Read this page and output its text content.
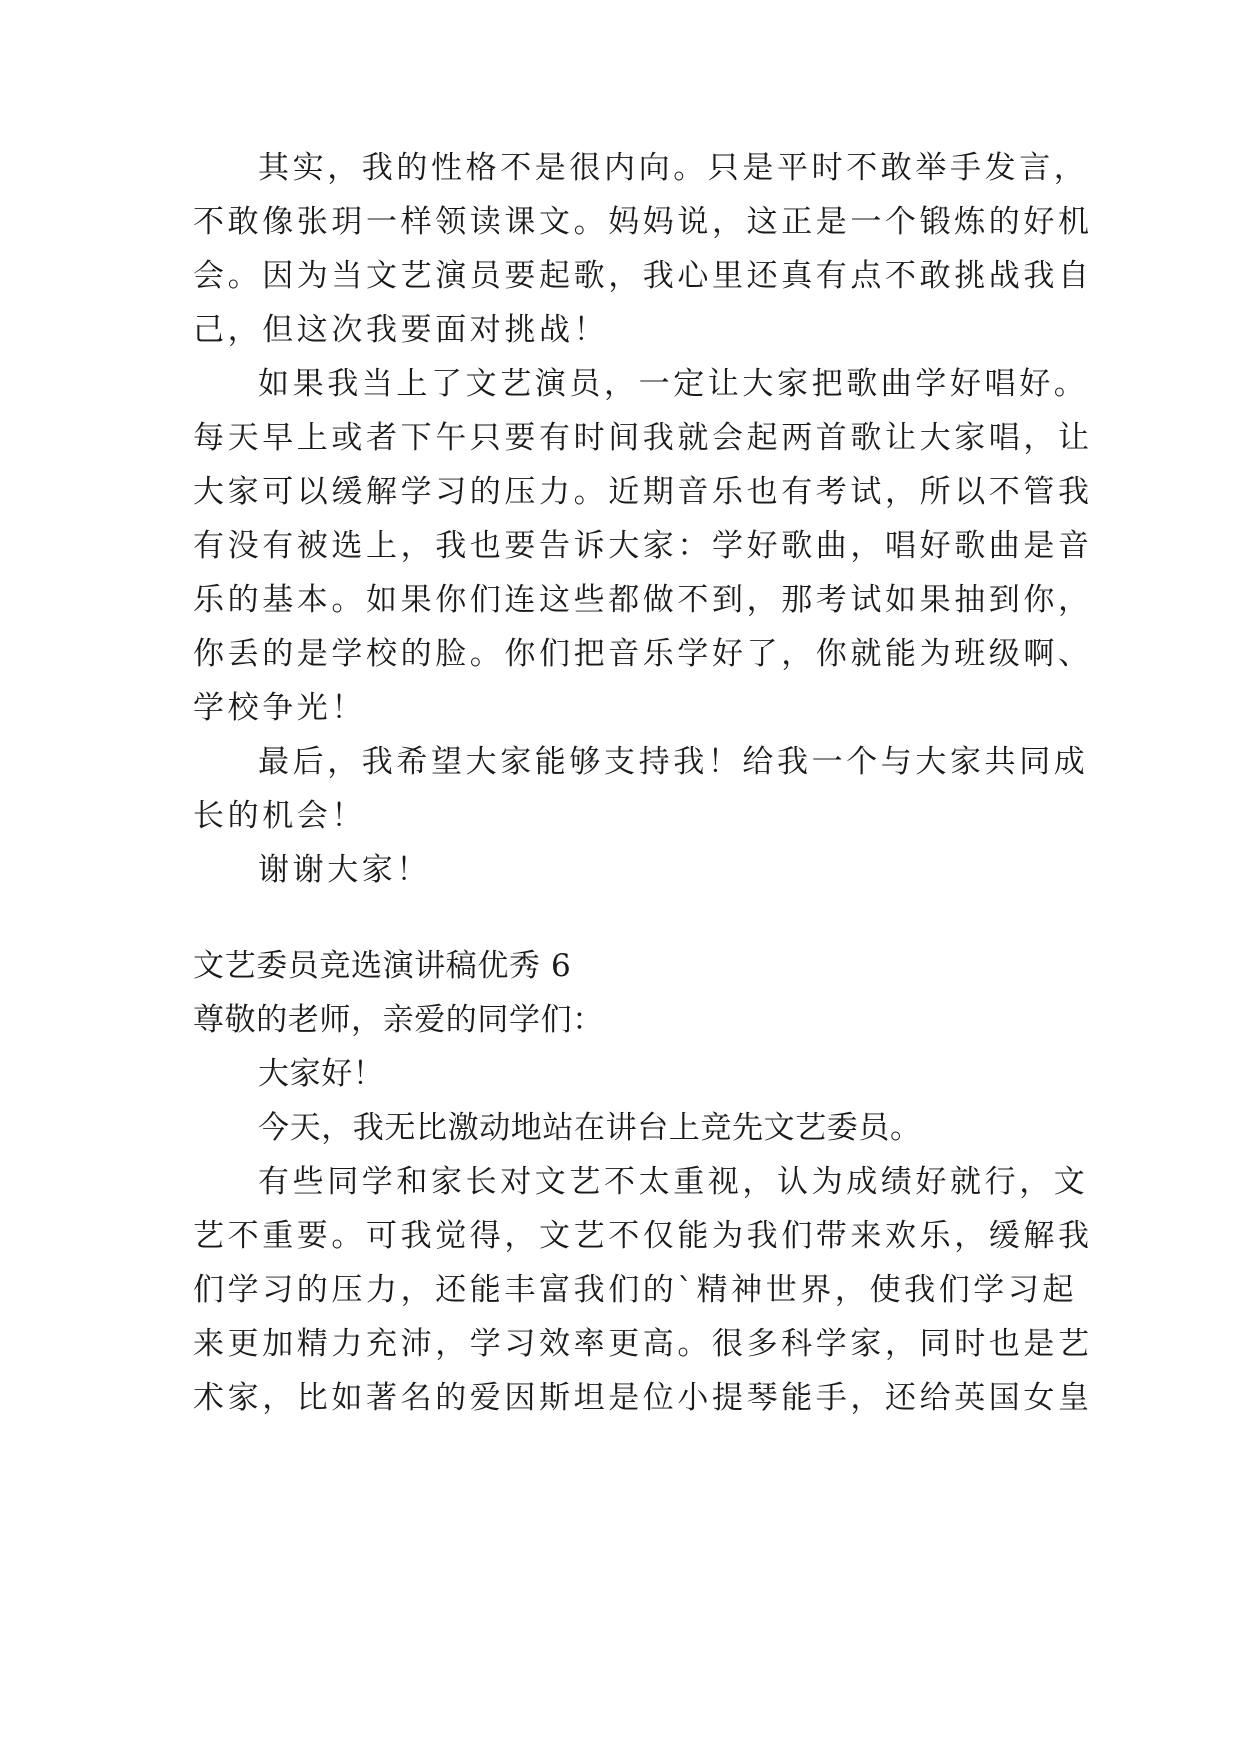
其实，我的性格不是很内向。只是平时不敢举手发言，
不敢像张玥一样领读课文。妈妈说，这正是一个锻炼的好机
会。因为当文艺演员要起歌，我心里还真有点不敢挑战我自
己，但这次我要面对挑战！
如果我当上了文艺演员，一定让大家把歌曲学好唱好。
每天早上或者下午只要有时间我就会起两首歌让大家唱，让
大家可以缓解学习的压力。近期音乐也有考试，所以不管我
有没有被选上，我也要告诉大家：学好歌曲，唱好歌曲是音
乐的基本。如果你们连这些都做不到，那考试如果抽到你，
你丢的是学校的脸。你们把音乐学好了，你就能为班级啊、
学校争光！
最后，我希望大家能够支持我！给我一个与大家共同成
长的机会！
谢谢大家！
文艺委员竞选演讲稿优秀 6
尊敬的老师，亲爱的同学们：
大家好！
今天，我无比激动地站在讲台上竞先文艺委员。
有些同学和家长对文艺不太重视，认为成绩好就行，文
艺不重要。可我觉得，文艺不仅能为我们带来欢乐，缓解我
们学习的压力，还能丰富我们的`精神世界，使我们学习起
来更加精力充沛，学习效率更高。很多科学家，同时也是艺
术家，比如著名的爱因斯坦是位小提琴能手，还给英国女皇
